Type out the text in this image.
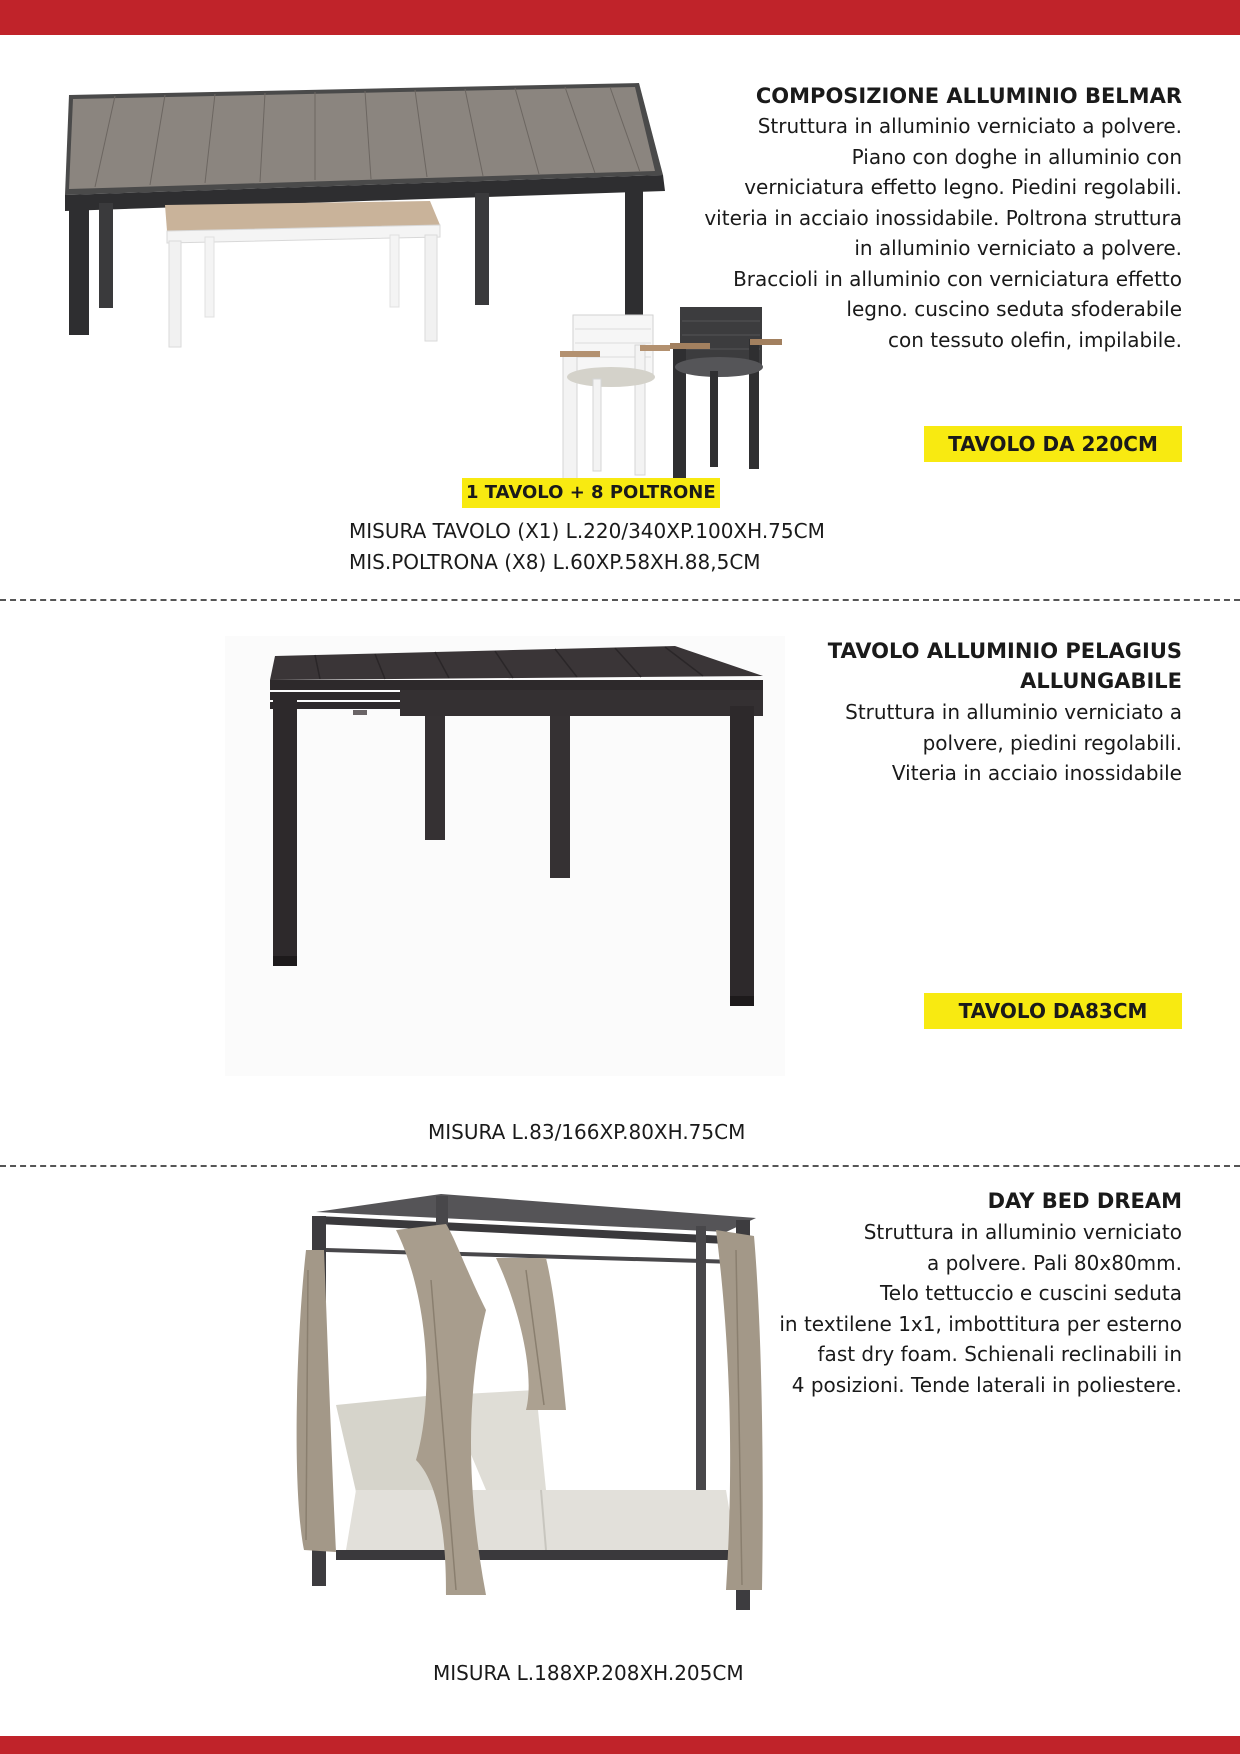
COMPOSIZIONE ALLUMINIO BELMAR

Struttura in alluminio verniciato a polvere.

Piano con doghe in alluminio con

verniciatura effetto legno. Piedini regolabili.

viteria in acciaio inossidabile. Poltrona struttura

in alluminio verniciato a polvere.

Braccioli in alluminio con verniciatura effetto

legno. cuscino seduta sfoderabile

con tessuto olefin, impilabile.

TAVOLO DA 220CM
1 TAVOLO + 8 POLTRONE

MISURA TAVOLO (X1) L.220/340XP.100XH.75CM

MIS.POLTRONA (X8) L.60XP.58XH.88,5CM

TAVOLO ALLUMINIO PELAGIUS
ALLUNGABILE

Struttura in alluminio verniciato a

polvere, piedini regolabili.

Viteria in acciaio inossidabile

TAVOLO DA83CM

MISURA L.83/166XP.80XH.75CM

DAY BED DREAM

Struttura in alluminio verniciato

a polvere. Pali 80x80mm.

Telo tettuccio e cuscini seduta

in textilene 1x1, imbottitura per esterno

fast dry foam. Schienali reclinabili in

4 posizioni. Tende laterali in poliestere.

MISURA L.188XP.208XH.205CM
